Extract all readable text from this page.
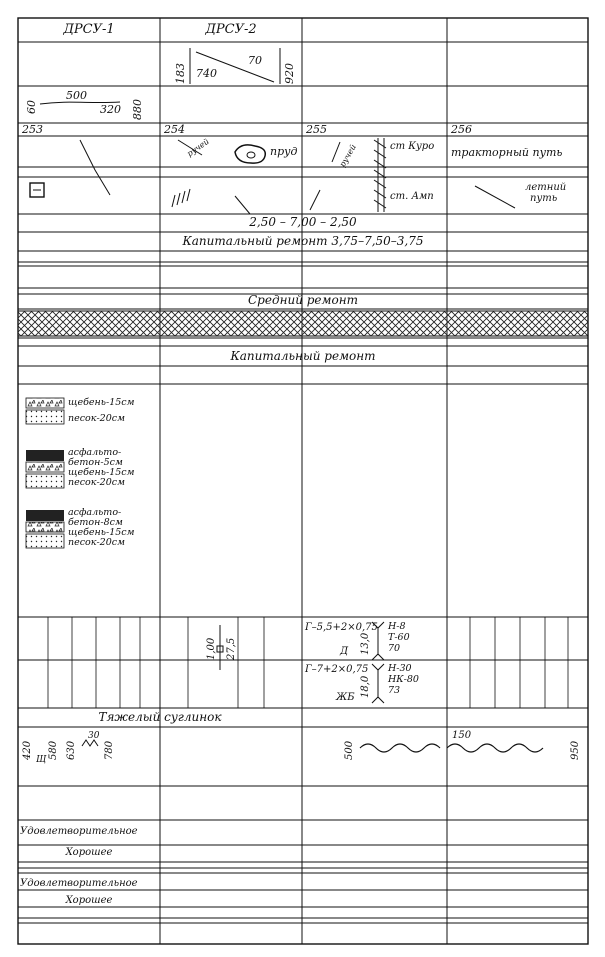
ДРСУ-1	ДРСУ-2
183
70
740	920
60
500
320 880
253	254	255	256
пруд	ст Куро
ст. Амп
тракторный путь
летний
путь
ручей	ручей
2,50 – 7,00 – 2,50
Капитальный ремонт 3,75–7,50–3,75
Средний ремонт
Капитальный ремонт
щебень-15см
песок-20см
асфальто-
бетон-5см
щебень-15см
песок-20см
асфальто-
бетон-8см
щебень-15см
песок-20см
1,00 27,5
Г–5,5+2×0,75
13,0
Н-8
Т-60
70
Д
Г–7+2×0,75
18,0
Н-30
НК-80
73
ЖБ
Тяжелый суглинок
420 Щ 580 630
30
780	500
150
950
Удовлетворительное
Хорошее
Удовлетворительное
Хорошее
